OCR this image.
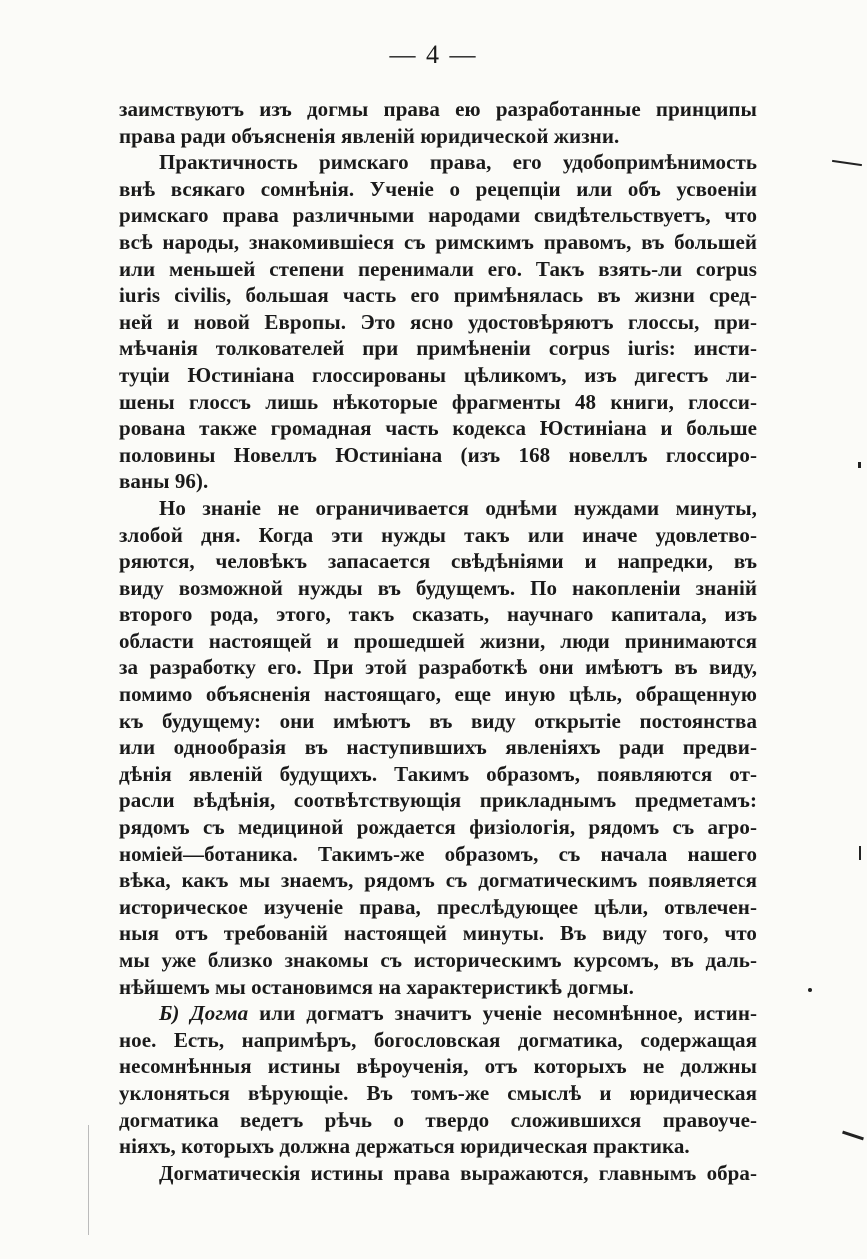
— 4 —
заимствуютъ изъ догмы права ею разработанные принципы
права ради объясненія явленій юридической жизни.
Практичность римскаго права, его удобопримѣнимость
внѣ всякаго сомнѣнія. Ученіе о рецепціи или объ усвоеніи
римскаго права различными народами свидѣтельствуетъ, что
всѣ народы, знакомившіеся съ римскимъ правомъ, въ большей
или меньшей степени перенимали его. Такъ взять-ли corpus
iuris civilis, большая часть его примѣнялась въ жизни сред-
ней и новой Европы. Это ясно удостовѣряютъ глоссы, при-
мѣчанія толкователей при примѣненіи corpus iuris: инсти-
туціи Юстиніана глоссированы цѣликомъ, изъ дигестъ ли-
шены глоссъ лишь нѣкоторые фрагменты 48 книги, глосси-
рована также громадная часть кодекса Юстиніана и больше
половины Новеллъ Юстиніана (изъ 168 новеллъ глоссиро-
ваны 96).
Но знаніе не ограничивается однѣми нуждами минуты,
злобой дня. Когда эти нужды такъ или иначе удовлетво-
ряются, человѣкъ запасается свѣдѣніями и напредки, въ
виду возможной нужды въ будущемъ. По накопленіи знаній
второго рода, этого, такъ сказать, научнаго капитала, изъ
области настоящей и прошедшей жизни, люди принимаются
за разработку его. При этой разработкѣ они имѣютъ въ виду,
помимо объясненія настоящаго, еще иную цѣль, обращенную
къ будущему: они имѣютъ въ виду открытіе постоянства
или однообразія въ наступившихъ явленіяхъ ради предви-
дѣнія явленій будущихъ. Такимъ образомъ, появляются от-
расли вѣдѣнія, соотвѣтствующія прикладнымъ предметамъ:
рядомъ съ медициной рождается физіологія, рядомъ съ агро-
номіей—ботаника. Такимъ-же образомъ, съ начала нашего
вѣка, какъ мы знаемъ, рядомъ съ догматическимъ появляется
историческое изученіе права, преслѣдующее цѣли, отвлечен-
ныя отъ требованій настоящей минуты. Въ виду того, что
мы уже близко знакомы съ историческимъ курсомъ, въ даль-
нѣйшемъ мы остановимся на характеристикѣ догмы.
Б) Догма или догматъ значитъ ученіе несомнѣнное, истин-
ное. Есть, напримѣръ, богословская догматика, содержащая
несомнѣнныя истины вѣроученія, отъ которыхъ не должны
уклоняться вѣрующіе. Въ томъ-же смыслѣ и юридическая
догматика ведетъ рѣчь о твердо сложившихся правоуче-
ніяхъ, которыхъ должна держаться юридическая практика.
Догматическія истины права выражаются, главнымъ обра-
